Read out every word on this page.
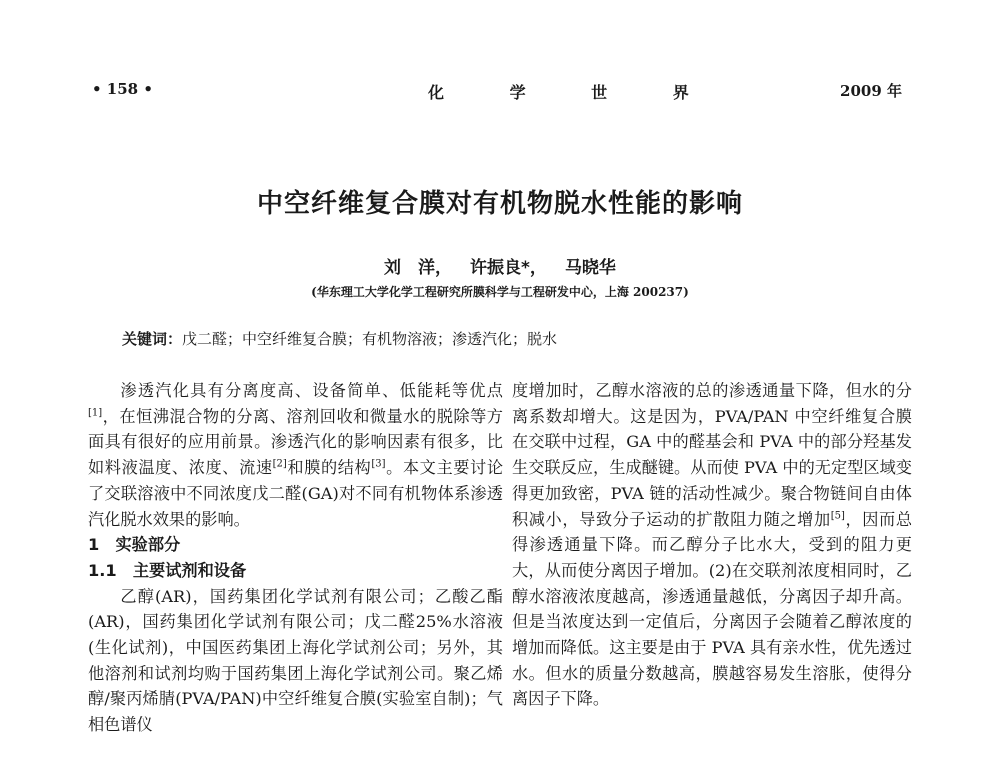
• 158 •	化 学 世 界	2009 年
中空纤维复合膜对有机物脱水性能的影响
刘　洋， 许振良*， 马晓华
(华东理工大学化学工程研究所膜科学与工程研发中心，上海 200237)
关键词：戊二醛；中空纤维复合膜；有机物溶液；渗透汽化；脱水

渗透汽化具有分离度高、设备简单、低能耗等优点[1]，在恒沸混合物的分离、溶剂回收和微量水的脱除等方面具有很好的应用前景。渗透汽化的影响因素有很多，比如料液温度、浓度、流速[2]和膜的结构[3]。本文主要讨论了交联溶液中不同浓度戊二醛(GA)对不同有机物体系渗透汽化脱水效果的影响。

1　实验部分

1.1　主要试剂和设备

乙醇(AR)，国药集团化学试剂有限公司；乙酸乙酯(AR)，国药集团化学试剂有限公司；戊二醛25%水溶液(生化试剂)，中国医药集团上海化学试剂公司；另外，其他溶剂和试剂均购于国药集团上海化学试剂公司。聚乙烯醇/聚丙烯腈(PVA/PAN)中空纤维复合膜(实验室自制)；气相色谱仪

度增加时，乙醇水溶液的总的渗透通量下降，但水的分离系数却增大。这是因为，PVA/PAN 中空纤维复合膜在交联中过程，GA 中的醛基会和 PVA 中的部分羟基发生交联反应，生成醚键。从而使 PVA 中的无定型区域变得更加致密，PVA 链的活动性减少。聚合物链间自由体积减小，导致分子运动的扩散阻力随之增加[5]，因而总得渗透通量下降。而乙醇分子比水大，受到的阻力更大，从而使分离因子增加。(2)在交联剂浓度相同时，乙醇水溶液浓度越高，渗透通量越低，分离因子却升高。但是当浓度达到一定值后，分离因子会随着乙醇浓度的增加而降低。这主要是由于 PVA 具有亲水性，优先透过水。但水的质量分数越高，膜越容易发生溶胀，使得分离因子下降。
